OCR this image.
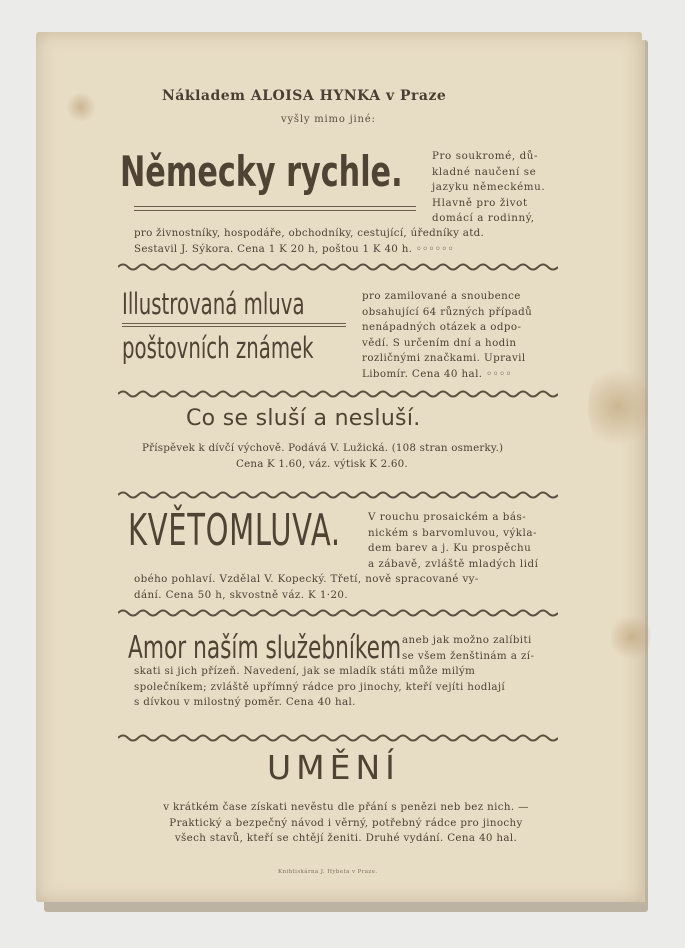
Nákladem ALOISA HYNKA v Praze
vyšly mimo jiné:
Německy rychle.	Pro soukromé, dů-
kladné naučení se
jazyku německému.
Hlavně pro život
domácí a rodinný,
pro živnostníky, hospodáře, obchodníky, cestující, úředníky atd.
Sestavil J. Sýkora. Cena 1 K 20 h, poštou 1 K 40 h. ◦◦◦◦◦◦
Illustrovaná mluva
poštovních známek
pro zamilované a snoubence
obsahující 64 různých případů
nenápadných otázek a odpo-
vědí. S určením dní a hodin
rozličnými značkami. Upravil
Libomír. Cena 40 hal. ◦◦◦◦
Co se sluší a nesluší.
Příspěvek k dívčí výchově. Podává V. Lužická. (108 stran osmerky.)
Cena K 1.60, váz. výtisk K 2.60.
KVĚTOMLUVA.	V rouchu prosaickém a bás-
nickém s barvomluvou, výkla-
dem barev a j. Ku prospěchu
a zábavě, zvláště mladých lidí
obého pohlaví. Vzdělal V. Kopecký. Třetí, nově spracované vy-
dání. Cena 50 h, skvostně váz. K 1·20.
Amor naším služebníkem aneb jak možno zalíbiti
se všem ženštinám a zí-
skati si jich přízeň. Navedení, jak se mladík státi může milým
společníkem; zvláště upřímný rádce pro jinochy, kteří vejíti hodlají
s dívkou v milostný poměr. Cena 40 hal.
UMĚNÍ
v krátkém čase získati nevěstu dle přání s penězi neb bez nich. —
Praktický a bezpečný návod i věrný, potřebný rádce pro jinochy
všech stavů, kteří se chtějí ženiti. Druhé vydání. Cena 40 hal.
Knihtiskárna J. Hybeta v Praze.
